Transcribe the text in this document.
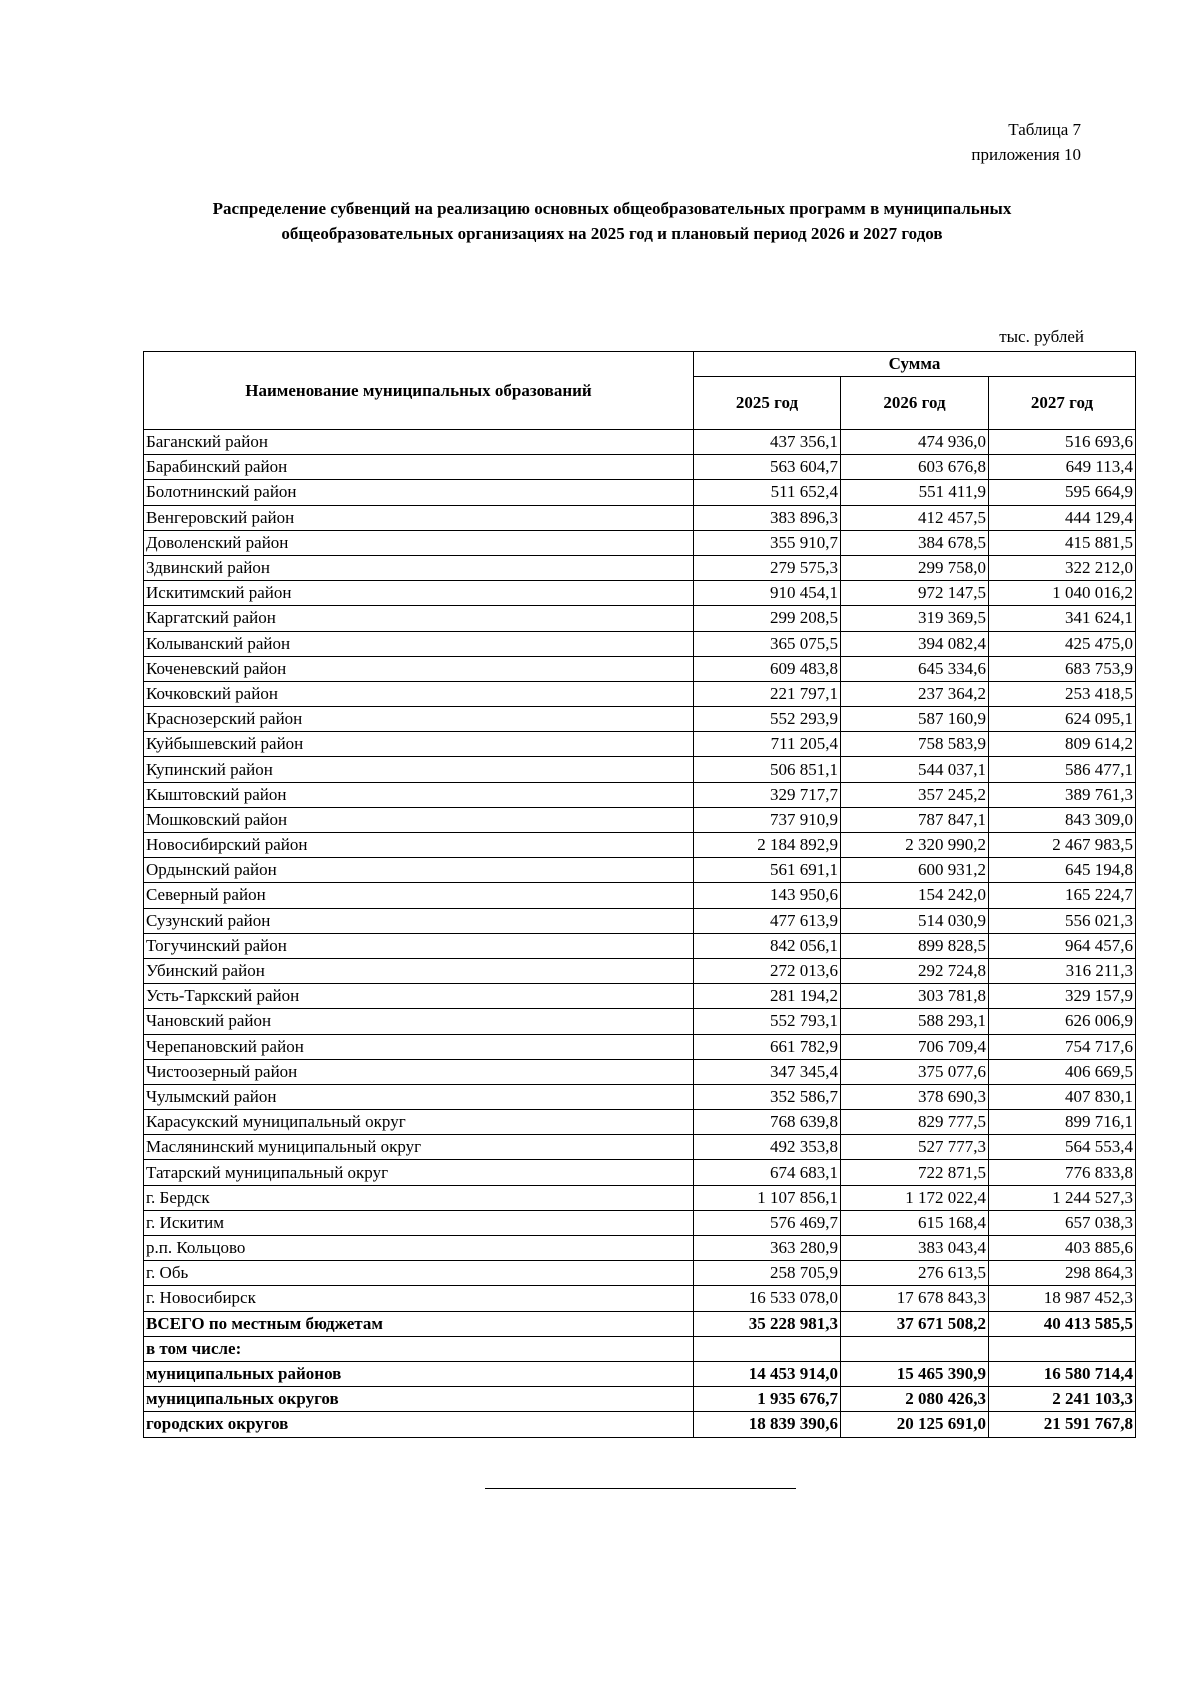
Таблица 7
приложения 10
Распределение субвенций на реализацию основных общеобразовательных программ в муниципальных общеобразовательных организациях на 2025 год и плановый период 2026 и 2027 годов
тыс. рублей
Наименование муниципальных образований	Сумма		
	2025 год	2026 год	2027 год
Баганский район	437 356,1	474 936,0	516 693,6
Барабинский район	563 604,7	603 676,8	649 113,4
Болотнинский район	511 652,4	551 411,9	595 664,9
Венгеровский район	383 896,3	412 457,5	444 129,4
Доволенский район	355 910,7	384 678,5	415 881,5
Здвинский район	279 575,3	299 758,0	322 212,0
Искитимский район	910 454,1	972 147,5	1 040 016,2
Каргатский район	299 208,5	319 369,5	341 624,1
Колыванский район	365 075,5	394 082,4	425 475,0
Коченевский район	609 483,8	645 334,6	683 753,9
Кочковский район	221 797,1	237 364,2	253 418,5
Краснозерский район	552 293,9	587 160,9	624 095,1
Куйбышевский район	711 205,4	758 583,9	809 614,2
Купинский район	506 851,1	544 037,1	586 477,1
Кыштовский район	329 717,7	357 245,2	389 761,3
Мошковский район	737 910,9	787 847,1	843 309,0
Новосибирский район	2 184 892,9	2 320 990,2	2 467 983,5
Ордынский район	561 691,1	600 931,2	645 194,8
Северный район	143 950,6	154 242,0	165 224,7
Сузунский район	477 613,9	514 030,9	556 021,3
Тогучинский район	842 056,1	899 828,5	964 457,6
Убинский район	272 013,6	292 724,8	316 211,3
Усть-Таркский район	281 194,2	303 781,8	329 157,9
Чановский район	552 793,1	588 293,1	626 006,9
Черепановский район	661 782,9	706 709,4	754 717,6
Чистоозерный район	347 345,4	375 077,6	406 669,5
Чулымский район	352 586,7	378 690,3	407 830,1
Карасукский муниципальный округ	768 639,8	829 777,5	899 716,1
Маслянинский муниципальный округ	492 353,8	527 777,3	564 553,4
Татарский муниципальный округ	674 683,1	722 871,5	776 833,8
г. Бердск	1 107 856,1	1 172 022,4	1 244 527,3
г. Искитим	576 469,7	615 168,4	657 038,3
р.п. Кольцово	363 280,9	383 043,4	403 885,6
г. Обь	258 705,9	276 613,5	298 864,3
г. Новосибирск	16 533 078,0	17 678 843,3	18 987 452,3
ВСЕГО по местным бюджетам	35 228 981,3	37 671 508,2	40 413 585,5
в том числе:			
муниципальных районов	14 453 914,0	15 465 390,9	16 580 714,4
муниципальных округов	1 935 676,7	2 080 426,3	2 241 103,3
городских округов	18 839 390,6	20 125 691,0	21 591 767,8
